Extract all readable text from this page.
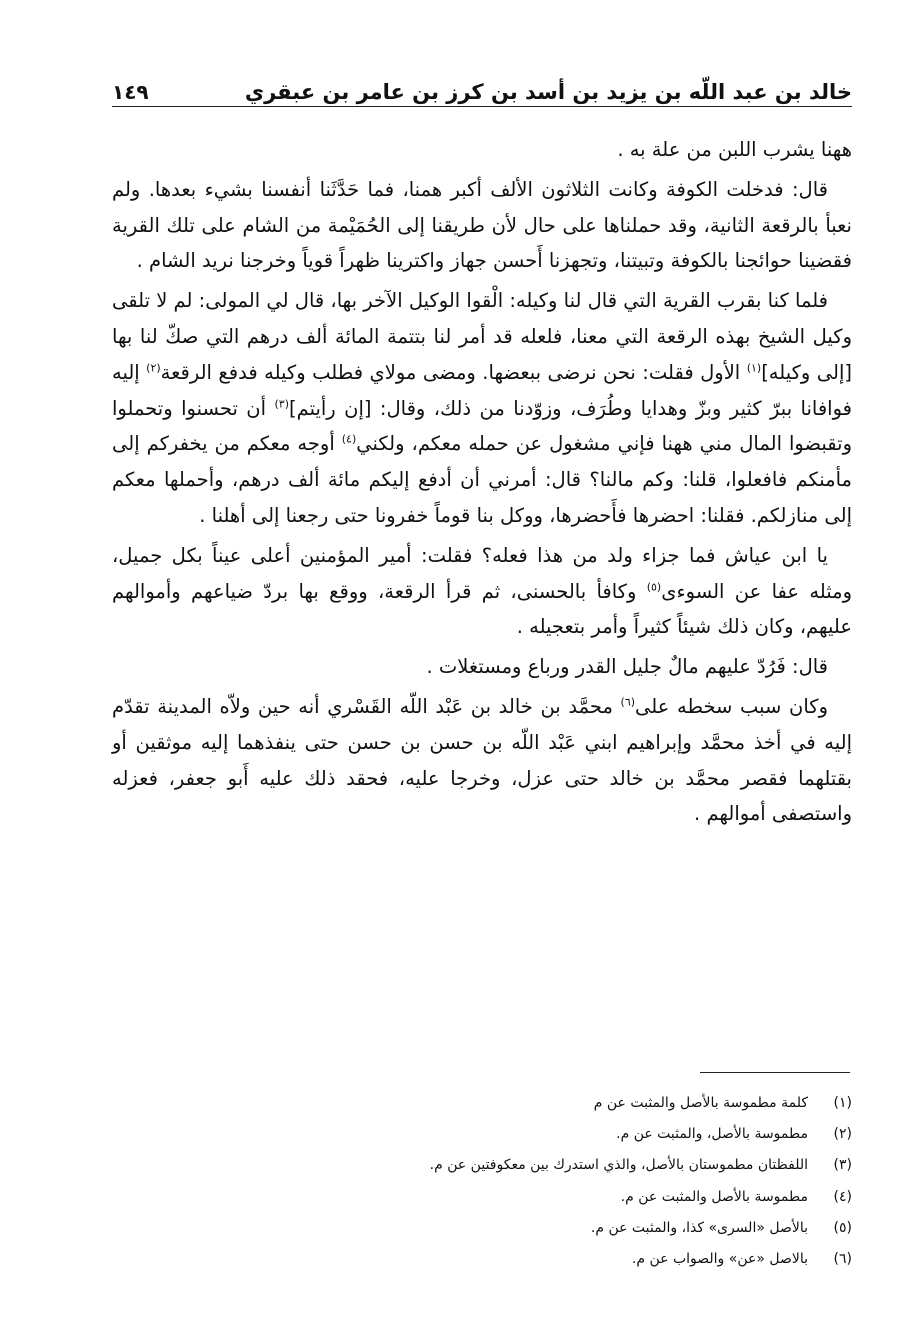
خالد بن عبد اللّه بن يزيد بن أسد بن كرز بن عامر بن عبقري
١٤٩

ههنا يشرب اللبن من علة به .

قال: فدخلت الكوفة وكانت الثلاثون الألف أكبر همنا، فما حَدَّثَنا أنفسنا بشيء بعدها. ولم نعبأ بالرقعة الثانية، وقد حملناها على حال لأن طريقنا إلى الحُمَيْمة من الشام على تلك القرية فقضينا حوائجنا بالكوفة وتبيتنا، وتجهزنا أَحسن جهاز واكترينا ظهراً قوياً وخرجنا نريد الشام .

فلما كنا بقرب القرية التي قال لنا وكيله: الْقوا الوكيل الآخر بها، قال لي المولى: لم لا تلقى وكيل الشيخ بهذه الرقعة التي معنا، فلعله قد أمر لنا بتتمة المائة ألف درهم التي صكّ لنا بها [إلى وكيله]$^{(١)}$ الأول فقلت: نحن نرضى ببعضها. ومضى مولاي فطلب وكيله فدفع الرقعة$^{(٢)}$ إليه فوافانا ببرّ كثير وبزّ وهدايا وطُرَف، وزوّدنا من ذلك، وقال: [إن رأيتم]$^{(٣)}$ أن تحسنوا وتحملوا وتقبضوا المال مني ههنا فإني مشغول عن حمله معكم، ولكني$^{(٤)}$ أوجه معكم من يخفركم إلى مأمنكم فافعلوا، قلنا: وكم مالنا؟ قال: أمرني أن أدفع إليكم مائة ألف درهم، وأحملها معكم إلى منازلكم. فقلنا: احضرها فأَحضرها، ووكل بنا قوماً خفرونا حتى رجعنا إلى أهلنا .

يا ابن عياش فما جزاء ولد من هذا فعله؟ فقلت: أمير المؤمنين أعلى عيناً بكل جميل، ومثله عفا عن السوءى$^{(٥)}$ وكافأ بالحسنى، ثم قرأ الرقعة، ووقع بها بردّ ضياعهم وأموالهم عليهم، وكان ذلك شيئاً كثيراً وأمر بتعجيله .

قال: فَرُدّ عليهم مالٌ جليل القدر ورباع ومستغلات .

وكان سبب سخطه على$^{(٦)}$ محمَّد بن خالد بن عَبْد اللّه القَسْري أنه حين ولاّه المدينة تقدّم إليه في أخذ محمَّد وإبراهيم ابني عَبْد اللّه بن حسن بن حسن حتى ينفذهما إليه موثقين أو بقتلهما فقصر محمَّد بن خالد حتى عزل، وخرجا عليه، فحقد ذلك عليه أَبو جعفر، فعزله واستصفى أموالهم .

(١)
كلمة مطموسة بالأصل والمثبت عن م
(٢)
مطموسة بالأصل، والمثبت عن م.
(٣)
اللفظتان مطموستان بالأصل، والذي استدرك بين معكوفتين عن م.
(٤)
مطموسة بالأصل والمثبت عن م.
(٥)
بالأصل «السرى» كذا، والمثبت عن م.
(٦)
بالاصل «عن» والصواب عن م.
